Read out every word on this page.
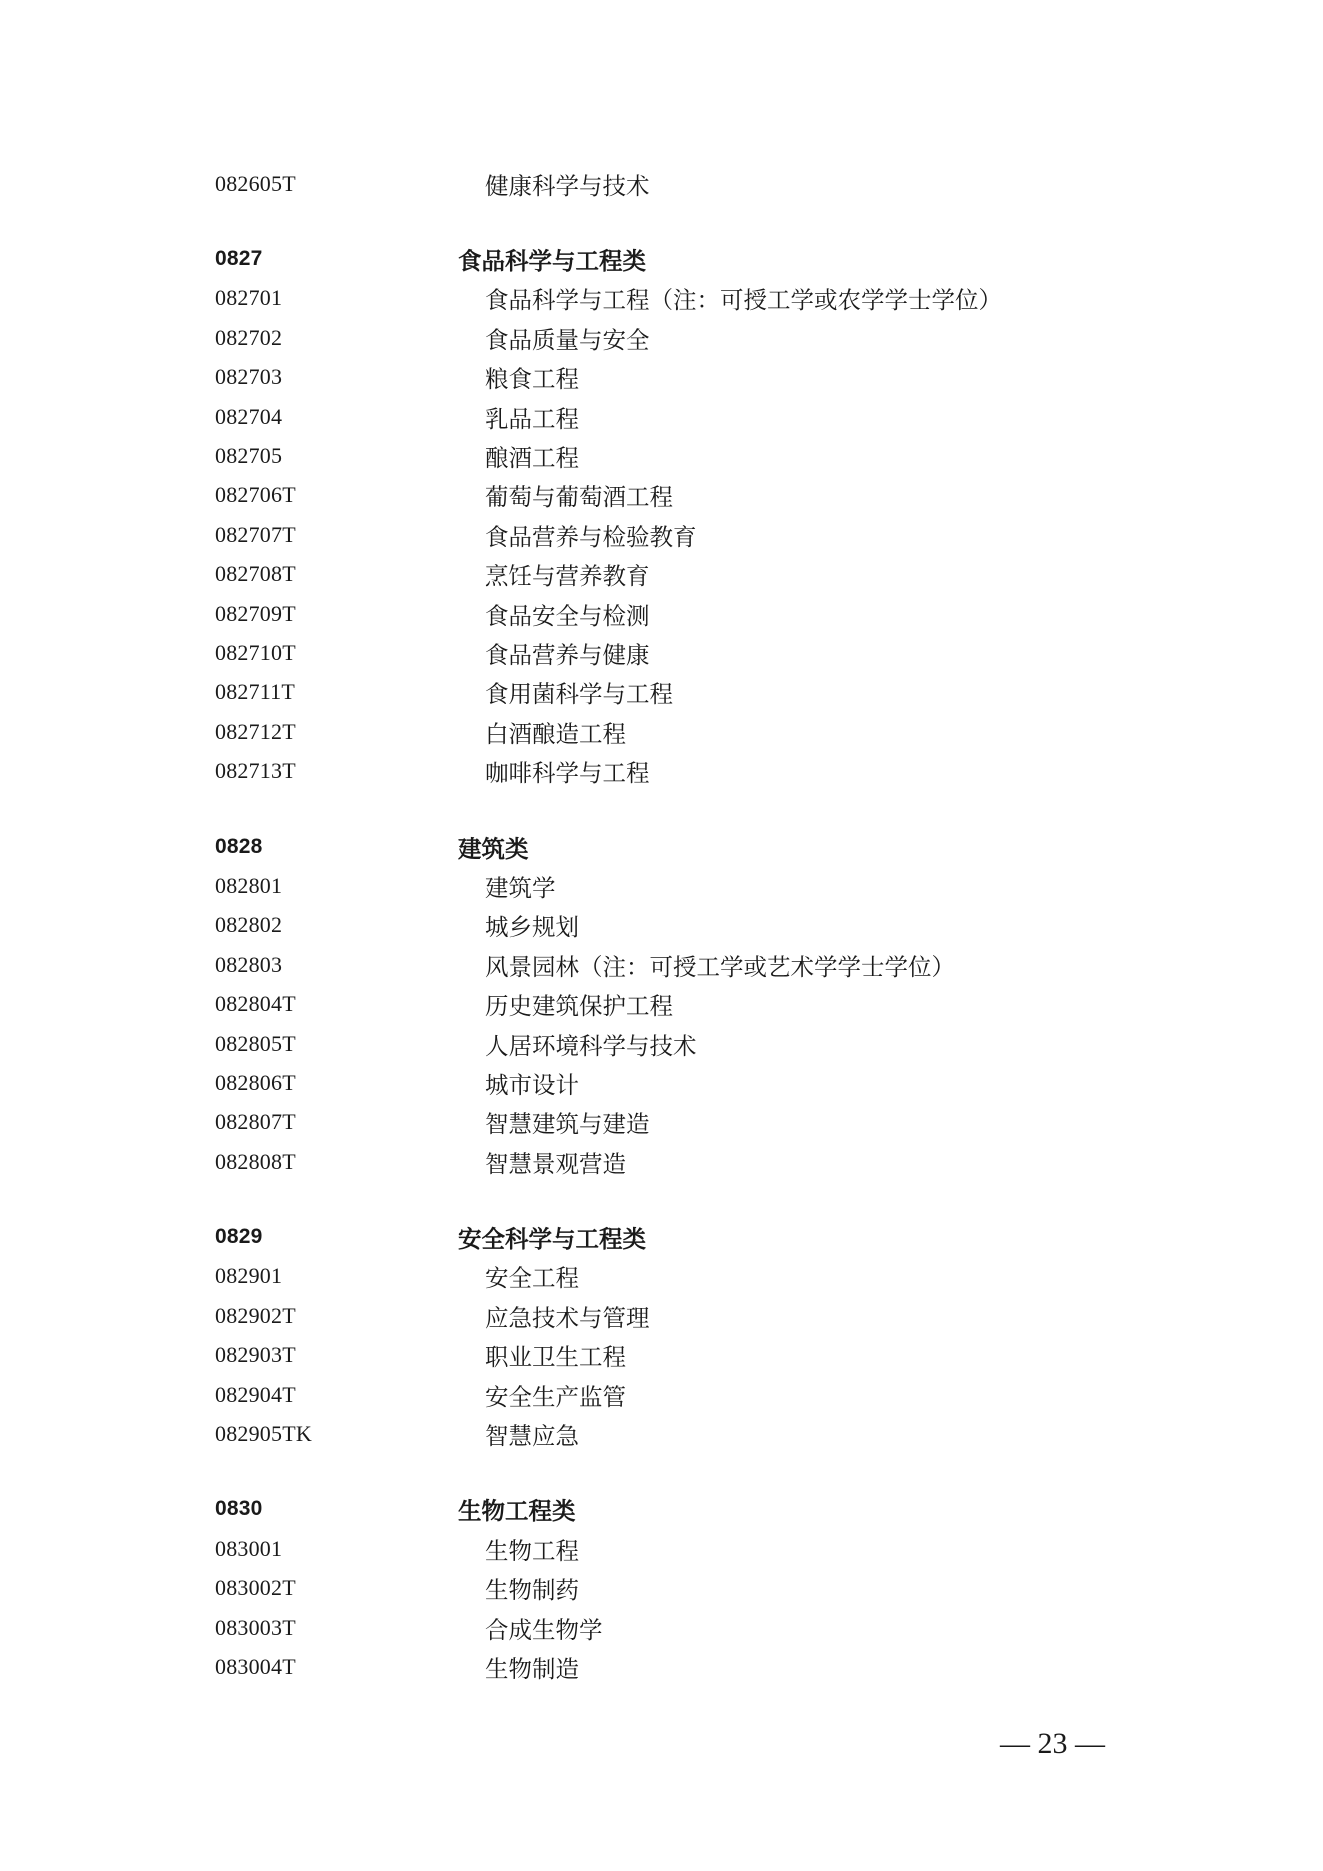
082605T	健康科学与技术
0827	食品科学与工程类
082701	食品科学与工程（注：可授工学或农学学士学位）
082702	食品质量与安全
082703	粮食工程
082704	乳品工程
082705	酿酒工程
082706T	葡萄与葡萄酒工程
082707T	食品营养与检验教育
082708T	烹饪与营养教育
082709T	食品安全与检测
082710T	食品营养与健康
082711T	食用菌科学与工程
082712T	白酒酿造工程
082713T	咖啡科学与工程
0828	建筑类
082801	建筑学
082802	城乡规划
082803	风景园林（注：可授工学或艺术学学士学位）
082804T	历史建筑保护工程
082805T	人居环境科学与技术
082806T	城市设计
082807T	智慧建筑与建造
082808T	智慧景观营造
0829	安全科学与工程类
082901	安全工程
082902T	应急技术与管理
082903T	职业卫生工程
082904T	安全生产监管
082905TK	智慧应急
0830	生物工程类
083001	生物工程
083002T	生物制药
083003T	合成生物学
083004T	生物制造
— 23 —
